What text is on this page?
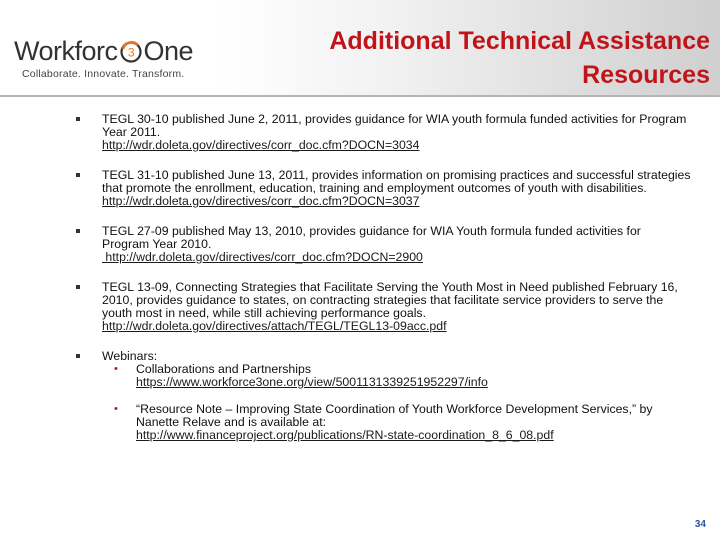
Workforc 3 One
Collaborate. Innovate. Transform.
Additional Technical Assistance
Resources
TEGL 30-10 published June 2, 2011, provides guidance for WIA youth formula funded activities for Program Year 2011.
http://wdr.doleta.gov/directives/corr_doc.cfm?DOCN=3034
TEGL 31-10 published June 13, 2011, provides information on promising practices and successful strategies that promote the enrollment, education, training and employment outcomes of youth with disabilities.
http://wdr.doleta.gov/directives/corr_doc.cfm?DOCN=3037
TEGL 27-09 published May 13, 2010, provides guidance for WIA Youth formula funded activities for Program Year 2010.
http://wdr.doleta.gov/directives/corr_doc.cfm?DOCN=2900
TEGL 13-09, Connecting Strategies that Facilitate Serving the Youth Most in Need published February 16, 2010, provides guidance to states, on contracting strategies that facilitate service providers to serve the youth most in need, while still achieving performance goals.
http://wdr.doleta.gov/directives/attach/TEGL/TEGL13-09acc.pdf
Webinars:
• Collaborations and Partnerships
https://www.workforce3one.org/view/5001131339251952297/info
• “Resource Note – Improving State Coordination of Youth Workforce Development Services,” by Nanette Relave and is available at:
http://www.financeproject.org/publications/RN-state-coordination_8_6_08.pdf
34
